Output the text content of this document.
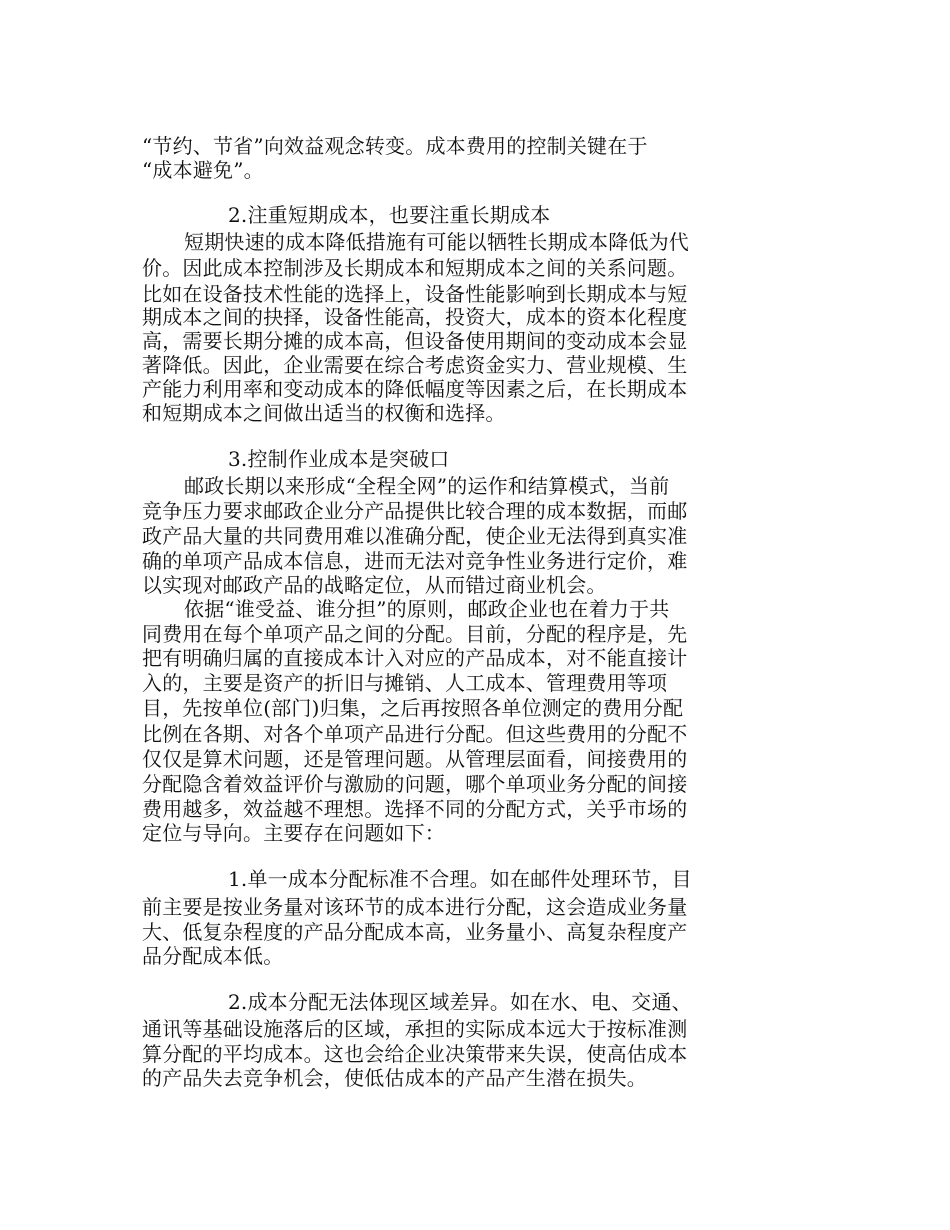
“节约、节省”向效益观念转变。成本费用的控制关键在于
“成本避免”。
2.注重短期成本，也要注重长期成本
短期快速的成本降低措施有可能以牺牲长期成本降低为代
价。因此成本控制涉及长期成本和短期成本之间的关系问题。
比如在设备技术性能的选择上，设备性能影响到长期成本与短
期成本之间的抉择，设备性能高，投资大，成本的资本化程度
高，需要长期分摊的成本高，但设备使用期间的变动成本会显
著降低。因此，企业需要在综合考虑资金实力、营业规模、生
产能力利用率和变动成本的降低幅度等因素之后，在长期成本
和短期成本之间做出适当的权衡和选择。
3.控制作业成本是突破口
邮政长期以来形成“全程全网”的运作和结算模式，当前
竞争压力要求邮政企业分产品提供比较合理的成本数据，而邮
政产品大量的共同费用难以准确分配，使企业无法得到真实准
确的单项产品成本信息，进而无法对竞争性业务进行定价，难
以实现对邮政产品的战略定位，从而错过商业机会。
依据“谁受益、谁分担”的原则，邮政企业也在着力于共
同费用在每个单项产品之间的分配。目前，分配的程序是，先
把有明确归属的直接成本计入对应的产品成本，对不能直接计
入的，主要是资产的折旧与摊销、人工成本、管理费用等项
目，先按单位(部门)归集，之后再按照各单位测定的费用分配
比例在各期、对各个单项产品进行分配。但这些费用的分配不
仅仅是算术问题，还是管理问题。从管理层面看，间接费用的
分配隐含着效益评价与激励的问题，哪个单项业务分配的间接
费用越多，效益越不理想。选择不同的分配方式，关乎市场的
定位与导向。主要存在问题如下：
1.单一成本分配标准不合理。如在邮件处理环节，目
前主要是按业务量对该环节的成本进行分配，这会造成业务量
大、低复杂程度的产品分配成本高，业务量小、高复杂程度产
品分配成本低。
2.成本分配无法体现区域差异。如在水、电、交通、
通讯等基础设施落后的区域，承担的实际成本远大于按标准测
算分配的平均成本。这也会给企业决策带来失误，使高估成本
的产品失去竞争机会，使低估成本的产品产生潜在损失。
